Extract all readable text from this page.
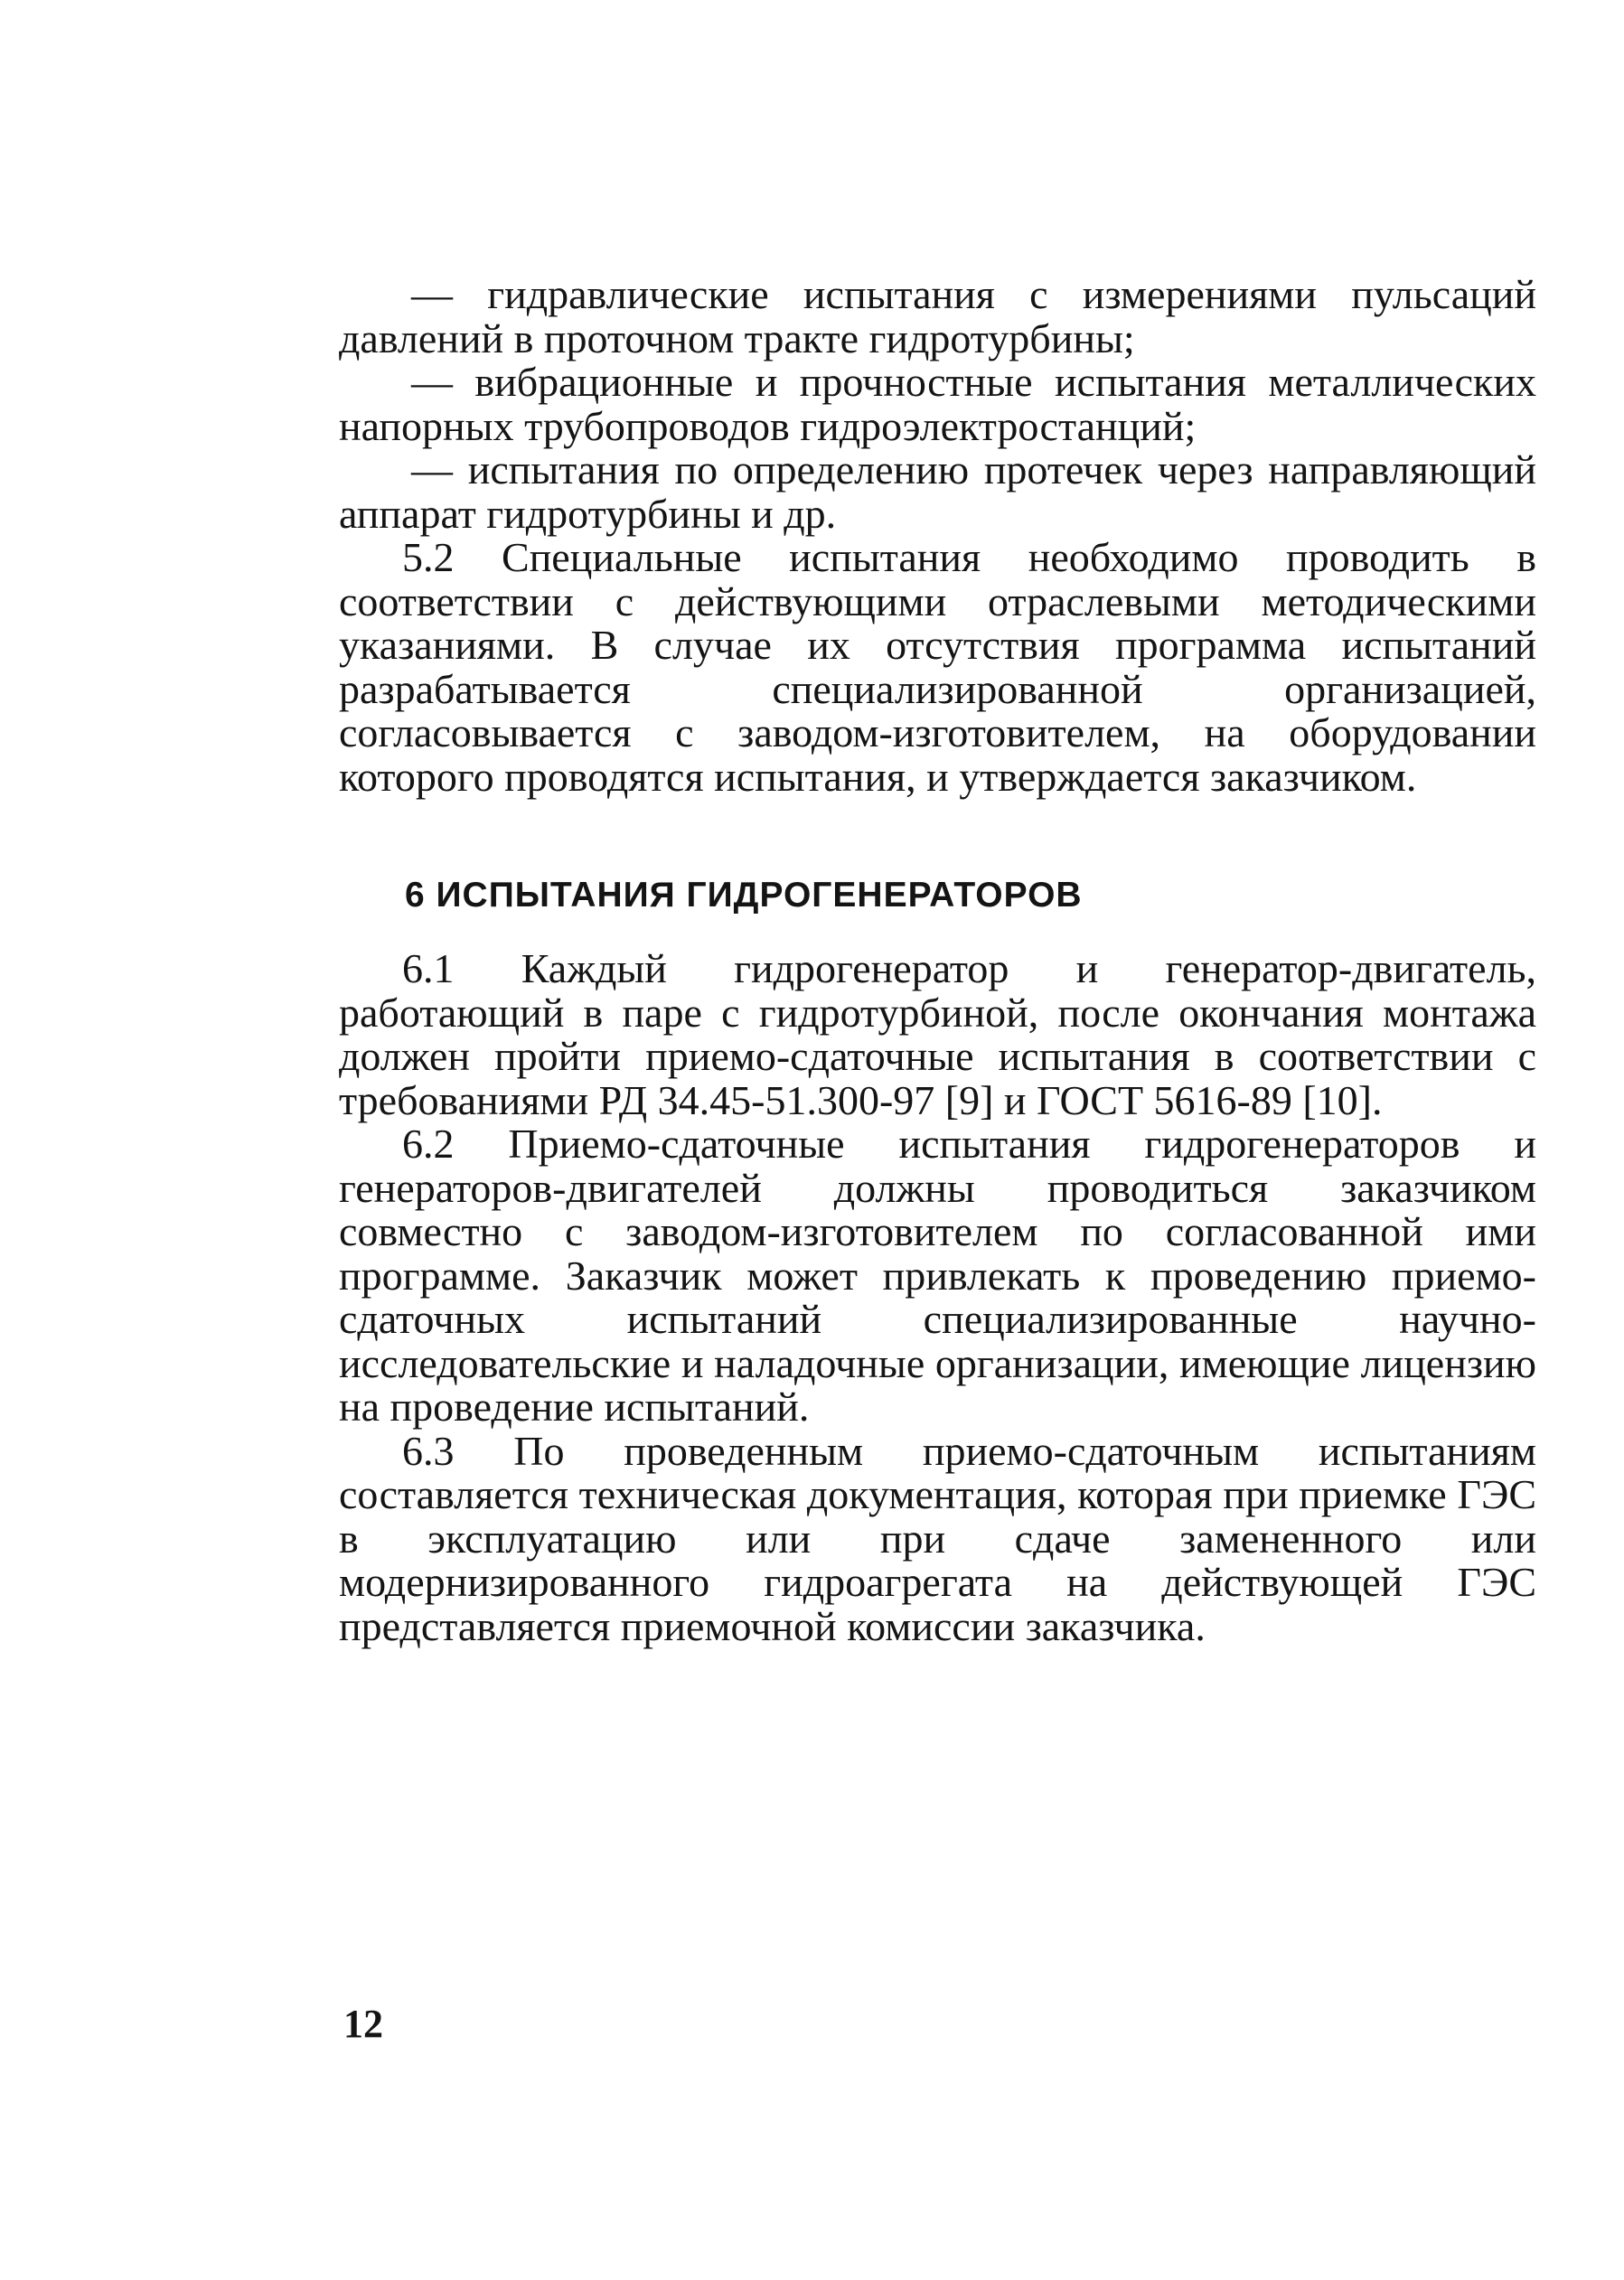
— гидравлические испытания с измерениями пульсаций давлений в проточном тракте гидротурбины;

— вибрационные и прочностные испытания металлических напорных трубопроводов гидроэлектростанций;

— испытания по определению протечек через направляющий аппарат гидротурбины и др.

5.2 Специальные испытания необходимо проводить в соответствии с действующими отраслевыми методическими указаниями. В случае их отсутствия программа испытаний разрабатывается специализированной организацией, согласовывается с заводом-изготовителем, на оборудовании которого проводятся испытания, и утверждается заказчиком.

6 ИСПЫТАНИЯ ГИДРОГЕНЕРАТОРОВ

6.1 Каждый гидрогенератор и генератор-двигатель, работающий в паре с гидротурбиной, после окончания монтажа должен пройти приемо-сдаточные испытания в соответствии с требованиями РД 34.45-51.300-97 [9] и ГОСТ 5616-89 [10].

6.2 Приемо-сдаточные испытания гидрогенераторов и генераторов-двигателей должны проводиться заказчиком совместно с заводом-изготовителем по согласованной ими программе. Заказчик может привлекать к проведению приемо-сдаточных испытаний специализированные научно-исследовательские и наладочные организации, имеющие лицензию на проведение испытаний.

6.3 По проведенным приемо-сдаточным испытаниям составляется техническая документация, которая при приемке ГЭС в эксплуатацию или при сдаче замененного или модернизированного гидроагрегата на действующей ГЭС представляется приемочной комиссии заказчика.

12
